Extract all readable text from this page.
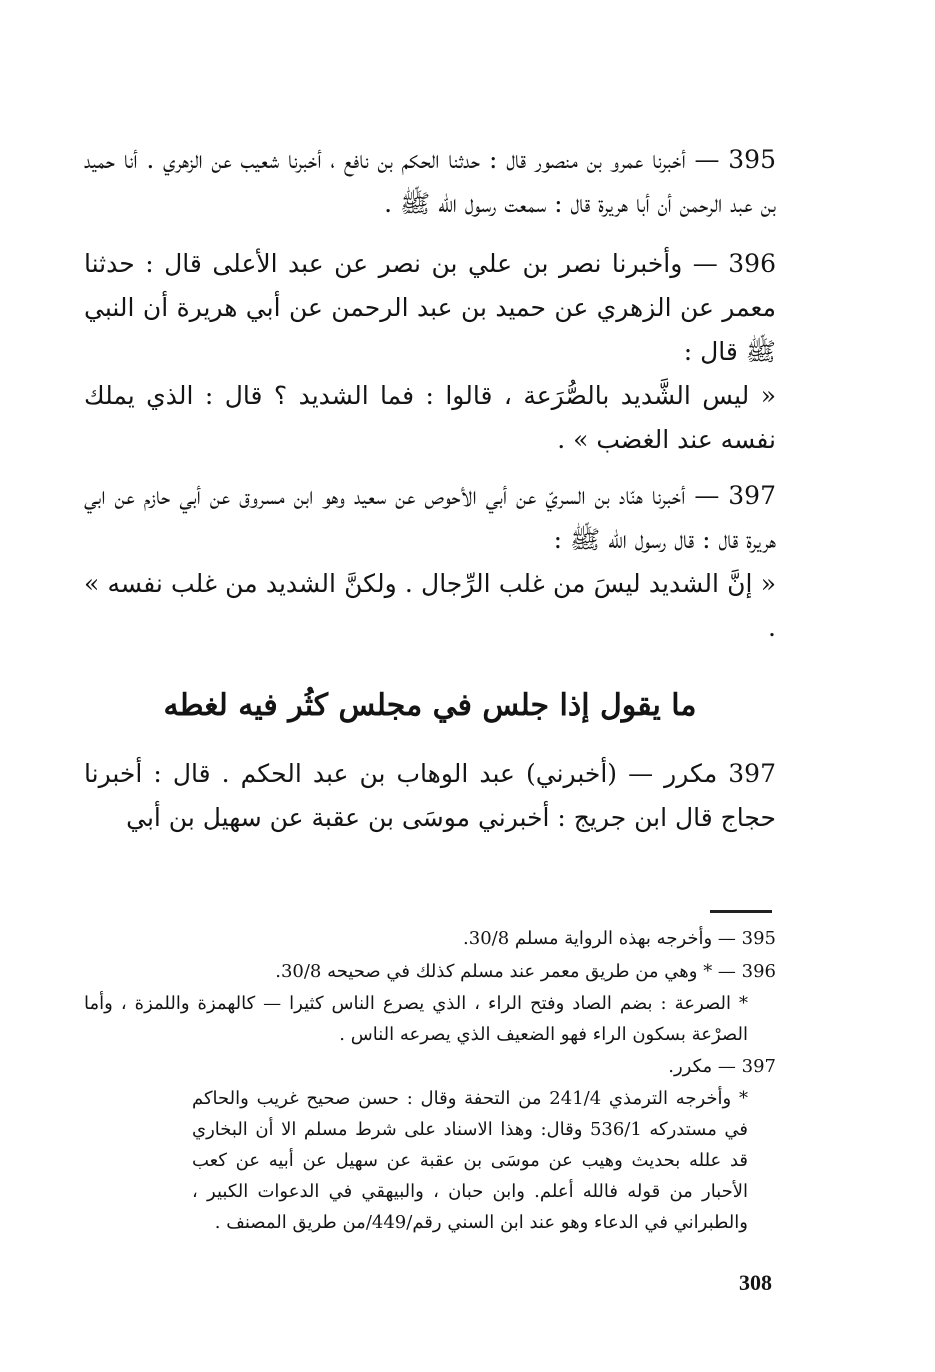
395 — أخبرنا عمرو بن منصور قال : حدثنا الحكم بن نافع ، أخبرنا شعيب عن الزهري . أنا حميد بن عبد الرحمن أن أبا هريرة قال : سمعت رسول الله ﷺ .

396 — وأخبرنا نصر بن علي بن نصر عن عبد الأعلى قال : حدثنا معمر عن الزهري عن حميد بن عبد الرحمن عن أبي هريرة أن النبي ﷺ قال :

« ليس الشَّديد بالصُّرَعة ، قالوا : فما الشديد ؟ قال : الذي يملك نفسه عند الغضب » .

397 — أخبرنا هنّاد بن السريّ عن أبي الأحوص عن سعيد وهو ابن مسروق عن أبي حازم عن ابي هريرة قال : قال رسول الله ﷺ :

« إنَّ الشديد ليسَ من غلب الرِّجال . ولكنَّ الشديد من غلب نفسه » .

ما يقول إذا جلس في مجلس كثُر فيه لغطه

397 مكرر — (أخبرني) عبد الوهاب بن عبد الحكم . قال : أخبرنا حجاج قال ابن جريج : أخبرني موسَى بن عقبة عن سهيل بن أبي

395 — وأخرجه بهذه الرواية مسلم 30/8.

396 — * وهي من طريق معمر عند مسلم كذلك في صحيحه 30/8.

* الصرعة : بضم الصاد وفتح الراء ، الذي يصرع الناس كثيرا — كالهمزة واللمزة ، وأما الصرْعة بسكون الراء فهو الضعيف الذي يصرعه الناس .

397 — مكرر.

* وأخرجه الترمذي 241/4 من التحفة وقال : حسن صحيح غريب والحاكم في مستدركه 536/1 وقال: وهذا الاسناد على شرط مسلم الا أن البخاري قد علله بحديث وهيب عن موسَى بن عقبة عن سهيل عن أبيه عن كعب الأحبار من قوله فالله أعلم. وابن حبان ، والبيهقي في الدعوات الكبير ، والطبراني في الدعاء وهو عند ابن السني رقم/449/من طريق المصنف .

308
